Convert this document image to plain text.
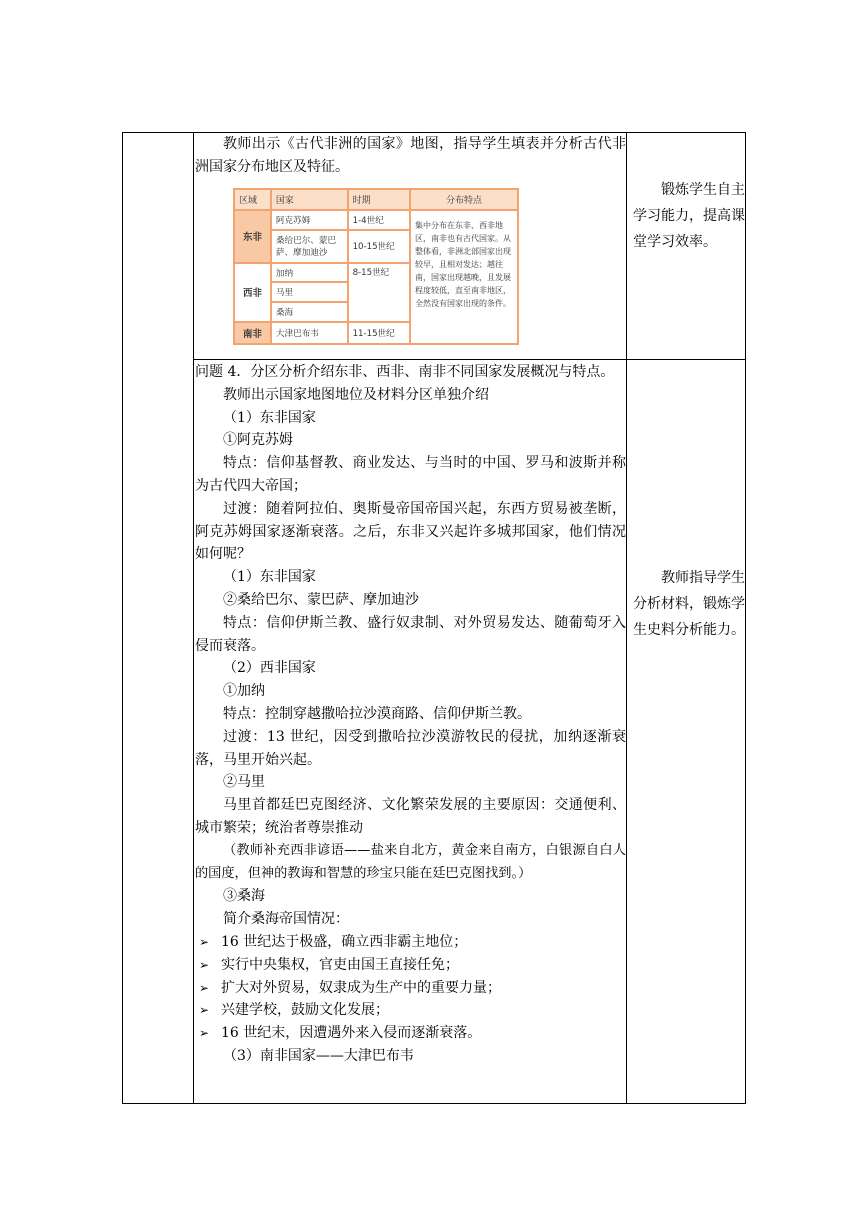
教师出示《古代非洲的国家》地图，指导学生填表并分析古代非洲国家分布地区及特征。

区域	国家	时期	分布特点
东非	阿克苏姆	1-4世纪	集中分布在东非、西非地区，南非也有古代国家。从整体看，非洲北部国家出现较早，且相对发达；越往南，国家出现越晚，且发展程度较低，直至南非地区，全然没有国家出现的条件。
	桑给巴尔、蒙巴萨、摩加迪沙	10-15世纪	
西非	加纳	8-15世纪	
	马里		
	桑海		
南非	大津巴布韦	11-15世纪	

锻炼学生自主学习能力，提高课堂学习效率。

问题 4．分区分析介绍东非、西非、南非不同国家发展概况与特点。

教师出示国家地图地位及材料分区单独介绍

（1）东非国家

①阿克苏姆

特点：信仰基督教、商业发达、与当时的中国、罗马和波斯并称为古代四大帝国；

过渡：随着阿拉伯、奥斯曼帝国帝国兴起，东西方贸易被垄断，阿克苏姆国家逐渐衰落。之后，东非又兴起许多城邦国家，他们情况如何呢？

（1）东非国家

②桑给巴尔、蒙巴萨、摩加迪沙

特点：信仰伊斯兰教、盛行奴隶制、对外贸易发达、随葡萄牙入侵而衰落。

（2）西非国家

①加纳

特点：控制穿越撒哈拉沙漠商路、信仰伊斯兰教。

过渡：13 世纪，因受到撒哈拉沙漠游牧民的侵扰，加纳逐渐衰落，马里开始兴起。

②马里

马里首都廷巴克图经济、文化繁荣发展的主要原因：交通便利、城市繁荣；统治者尊崇推动

（教师补充西非谚语——盐来自北方，黄金来自南方，白银源自白人的国度，但神的教诲和智慧的珍宝只能在廷巴克图找到。）

③桑海

简介桑海帝国情况：

➢ 16 世纪达于极盛，确立西非霸主地位；
➢ 实行中央集权，官吏由国王直接任免；
➢ 扩大对外贸易，奴隶成为生产中的重要力量；
➢ 兴建学校，鼓励文化发展；
➢ 16 世纪末，因遭遇外来入侵而逐渐衰落。

（3）南非国家——大津巴布韦

教师指导学生分析材料，锻炼学生史料分析能力。
